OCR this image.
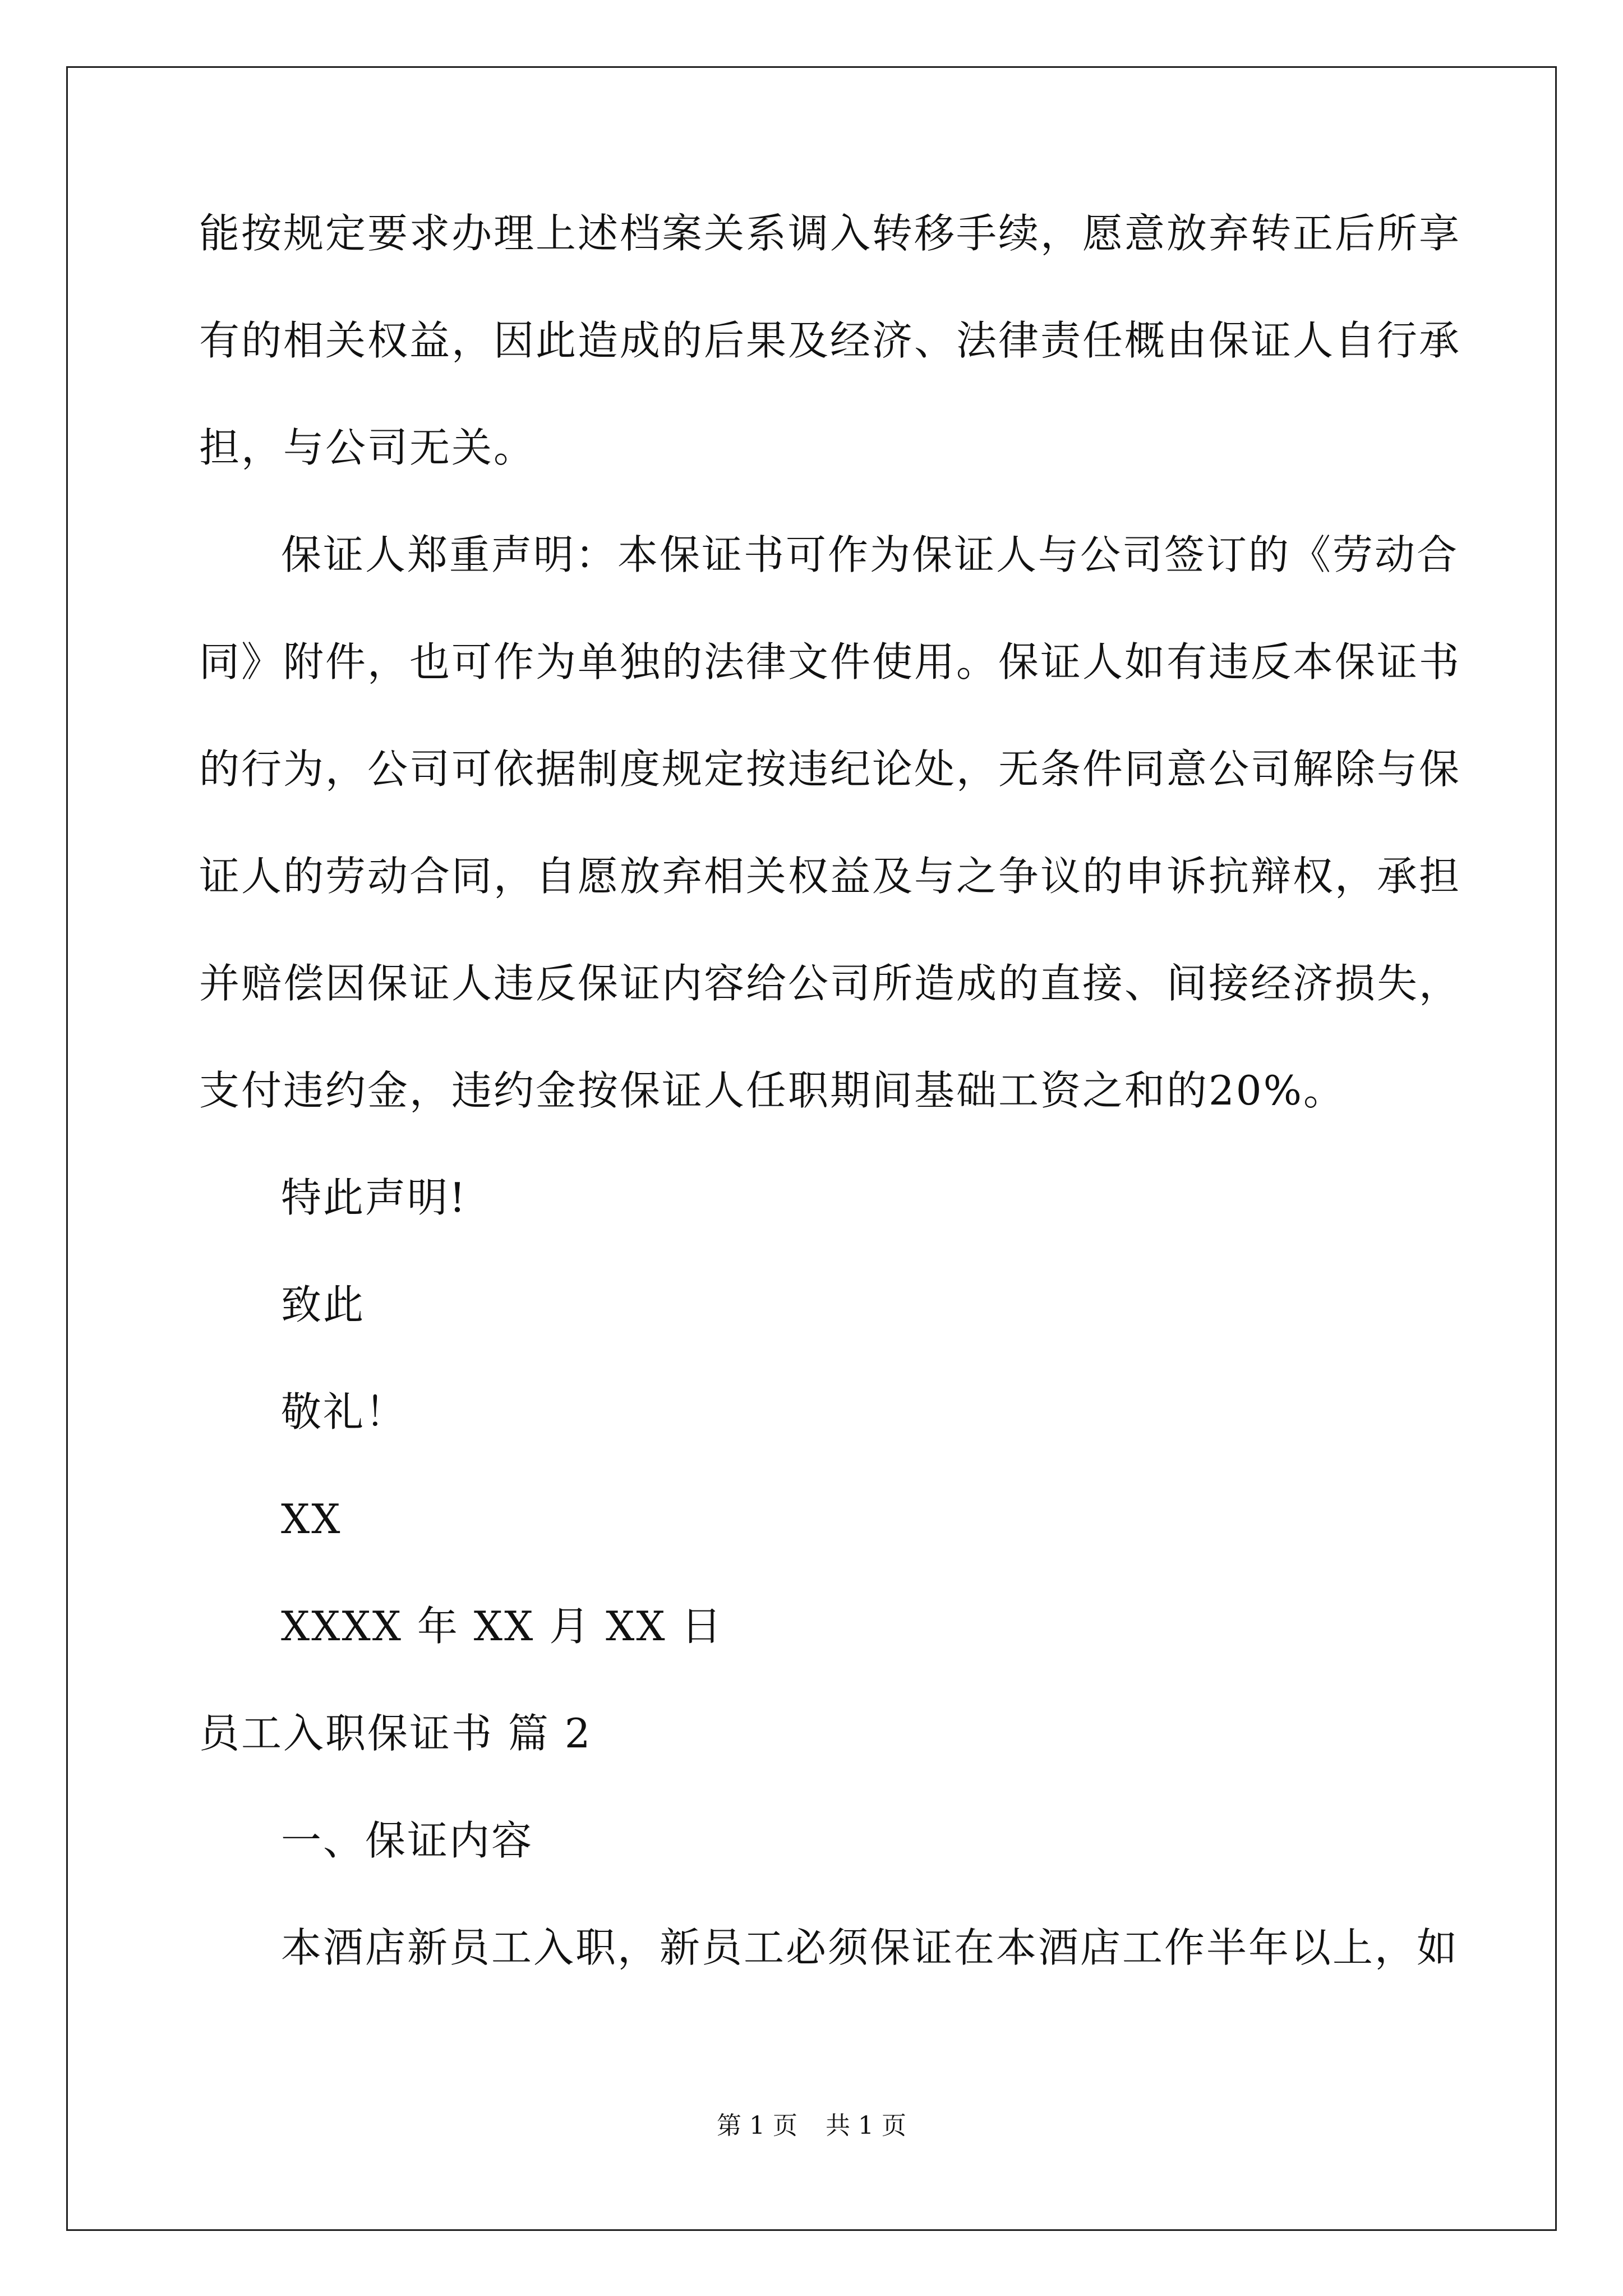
能按规定要求办理上述档案关系调入转移手续，愿意放弃转正后所享

有的相关权益，因此造成的后果及经济、法律责任概由保证人自行承

担，与公司无关。

保证人郑重声明：本保证书可作为保证人与公司签订的《劳动合

同》附件，也可作为单独的法律文件使用。保证人如有违反本保证书

的行为，公司可依据制度规定按违纪论处，无条件同意公司解除与保

证人的劳动合同，自愿放弃相关权益及与之争议的申诉抗辩权，承担

并赔偿因保证人违反保证内容给公司所造成的直接、间接经济损失，

支付违约金，违约金按保证人任职期间基础工资之和的20%。

特此声明!

致此

敬礼！

XX

XXXX 年 XX 月 XX 日

员工入职保证书 篇 2

一、保证内容

本酒店新员工入职，新员工必须保证在本酒店工作半年以上，如

第 1 页 共 1 页
